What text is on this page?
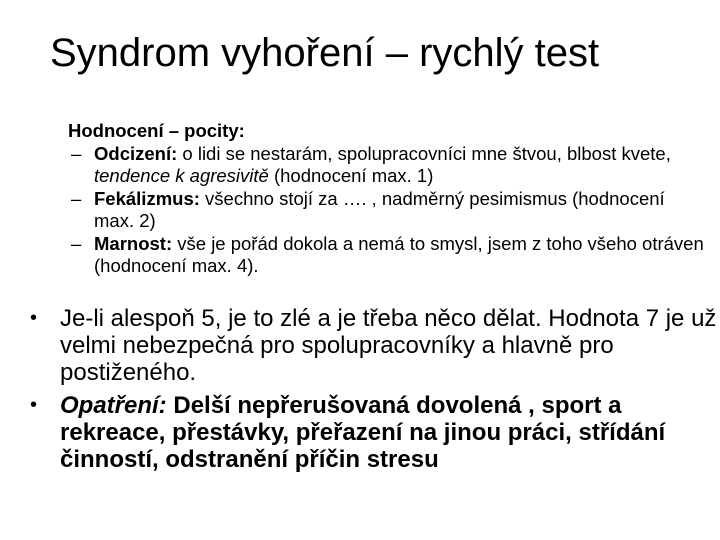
Syndrom vyhoření – rychlý test
Hodnocení – pocity:
– Odcizení: o lidi se nestarám, spolupracovníci mne štvou, blbost kvete, tendence k agresivitě (hodnocení max. 1)
– Fekálizmus: všechno stojí za …. , nadměrný pesimismus (hodnocení max. 2)
– Marnost: vše je pořád dokola a nemá to smysl, jsem z toho všeho otráven (hodnocení max. 4).
• Je-li alespoň 5, je to zlé a je třeba něco dělat. Hodnota 7 je už velmi nebezpečná pro spolupracovníky a hlavně pro postiženého.
• Opatření: Delší nepřerušovaná dovolená , sport a rekreace, přestávky, přeřazení na jinou práci, střídání činností, odstranění příčin stresu
